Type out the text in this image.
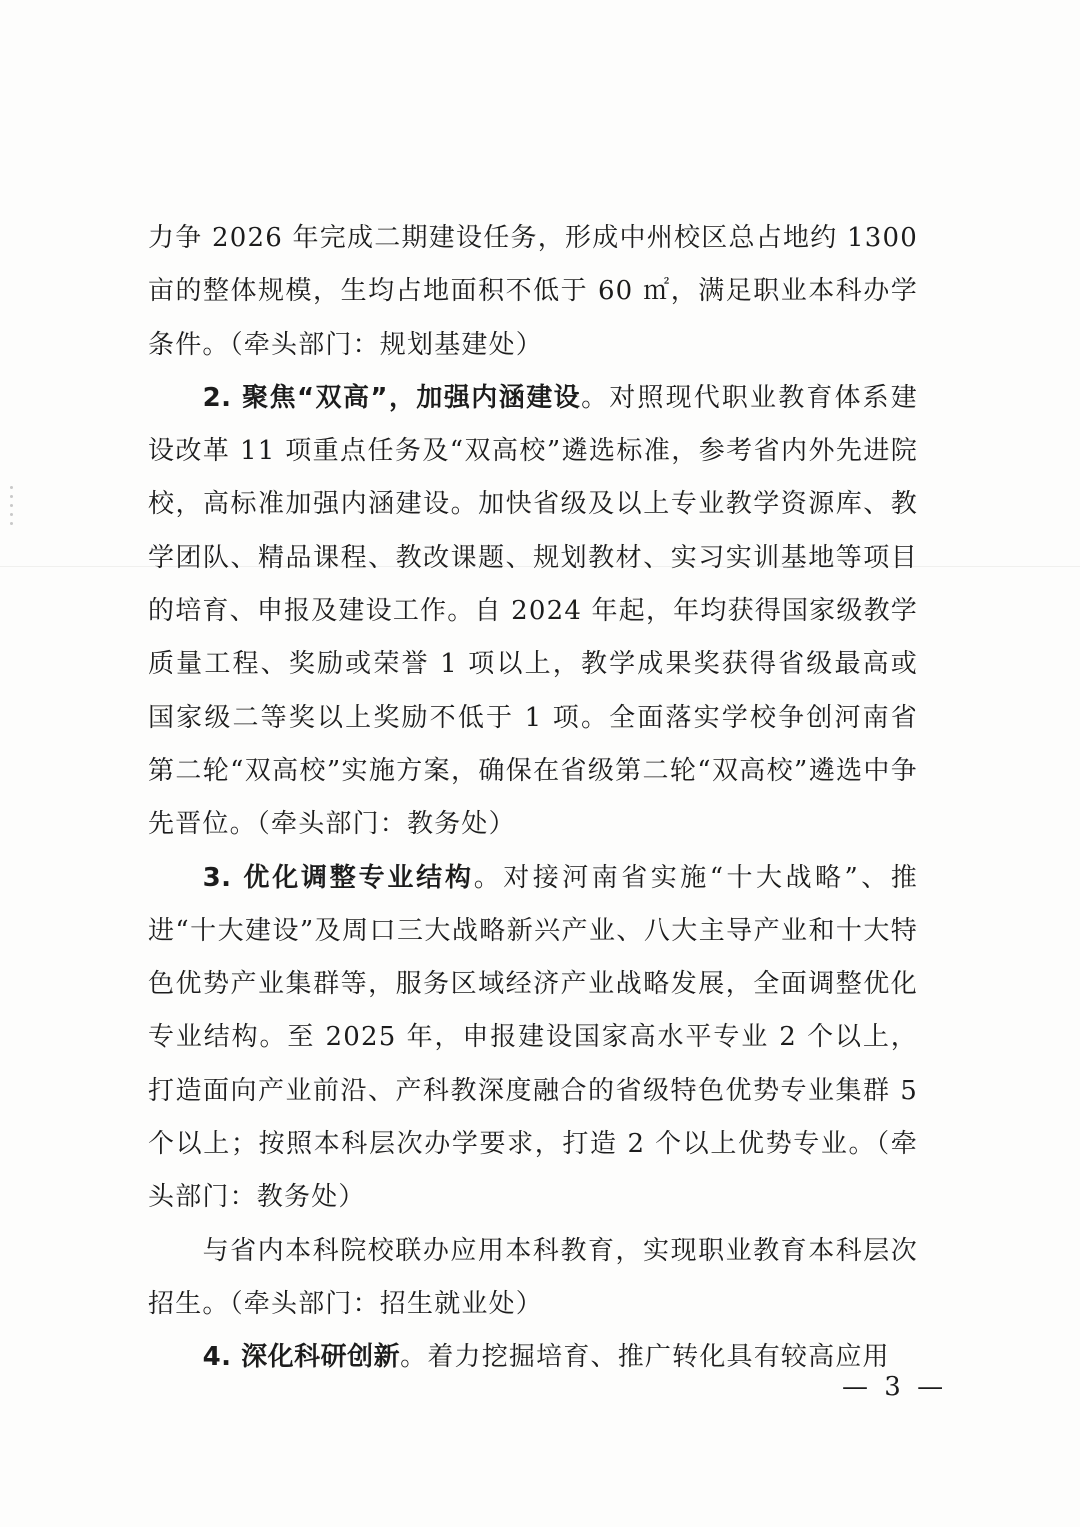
力争 2026 年完成二期建设任务，形成中州校区总占地约 1300 亩的整体规模，生均占地面积不低于 60 ㎡，满足职业本科办学条件。（牵头部门：规划基建处）

2. 聚焦“双高”，加强内涵建设。对照现代职业教育体系建设改革 11 项重点任务及“双高校”遴选标准，参考省内外先进院校，高标准加强内涵建设。加快省级及以上专业教学资源库、教学团队、精品课程、教改课题、规划教材、实习实训基地等项目的培育、申报及建设工作。自 2024 年起，年均获得国家级教学质量工程、奖励或荣誉 1 项以上，教学成果奖获得省级最高或国家级二等奖以上奖励不低于 1 项。全面落实学校争创河南省第二轮“双高校”实施方案，确保在省级第二轮“双高校”遴选中争先晋位。（牵头部门：教务处）

3. 优化调整专业结构。对接河南省实施“十大战略”、推进“十大建设”及周口三大战略新兴产业、八大主导产业和十大特色优势产业集群等，服务区域经济产业战略发展，全面调整优化专业结构。至 2025 年，申报建设国家高水平专业 2 个以上，打造面向产业前沿、产科教深度融合的省级特色优势专业集群 5 个以上；按照本科层次办学要求，打造 2 个以上优势专业。（牵头部门：教务处）

与省内本科院校联办应用本科教育，实现职业教育本科层次招生。（牵头部门：招生就业处）

4. 深化科研创新。着力挖掘培育、推广转化具有较高应用

— 3 —
